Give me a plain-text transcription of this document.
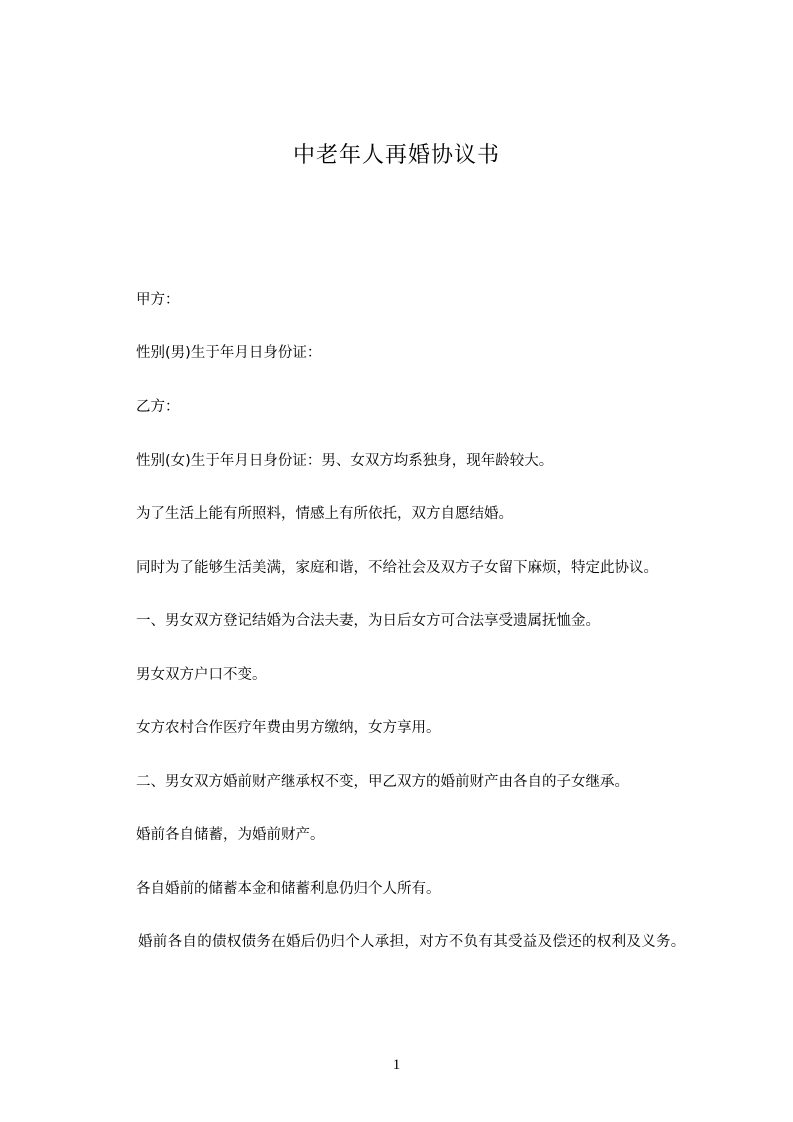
中老年人再婚协议书
甲方：
性别(男)生于年月日身份证：
乙方：
性别(女)生于年月日身份证：男、女双方均系独身，现年龄较大。
为了生活上能有所照料，情感上有所依托，双方自愿结婚。
同时为了能够生活美满，家庭和谐，不给社会及双方子女留下麻烦，特定此协议。
一、男女双方登记结婚为合法夫妻，为日后女方可合法享受遗属抚恤金。
男女双方户口不变。
女方农村合作医疗年费由男方缴纳，女方享用。
二、男女双方婚前财产继承权不变，甲乙双方的婚前财产由各自的子女继承。
婚前各自储蓄，为婚前财产。
各自婚前的储蓄本金和储蓄利息仍归个人所有。
婚前各自的债权债务在婚后仍归个人承担，对方不负有其受益及偿还的权利及义务。
1
